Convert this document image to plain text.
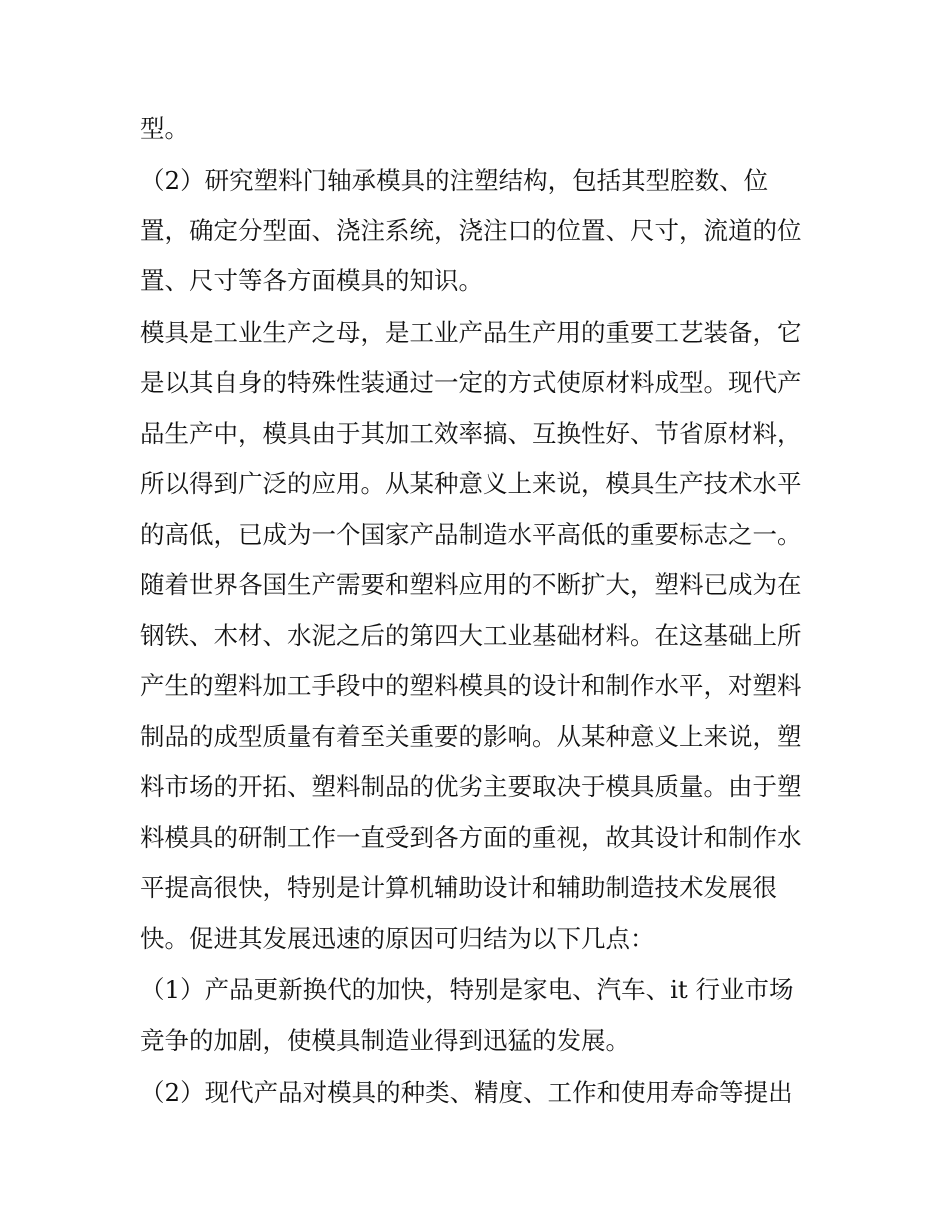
型。
（2）研究塑料门轴承模具的注塑结构，包括其型腔数、位
置，确定分型面、浇注系统，浇注口的位置、尺寸，流道的位
置、尺寸等各方面模具的知识。
模具是工业生产之母，是工业产品生产用的重要工艺装备，它
是以其自身的特殊性装通过一定的方式使原材料成型。现代产
品生产中，模具由于其加工效率搞、互换性好、节省原材料，
所以得到广泛的应用。从某种意义上来说，模具生产技术水平
的高低，已成为一个国家产品制造水平高低的重要标志之一。
随着世界各国生产需要和塑料应用的不断扩大，塑料已成为在
钢铁、木材、水泥之后的第四大工业基础材料。在这基础上所
产生的塑料加工手段中的塑料模具的设计和制作水平，对塑料
制品的成型质量有着至关重要的影响。从某种意义上来说，塑
料市场的开拓、塑料制品的优劣主要取决于模具质量。由于塑
料模具的研制工作一直受到各方面的重视，故其设计和制作水
平提高很快，特别是计算机辅助设计和辅助制造技术发展很
快。促进其发展迅速的原因可归结为以下几点：
（1）产品更新换代的加快，特别是家电、汽车、it 行业市场
竞争的加剧，使模具制造业得到迅猛的发展。
（2）现代产品对模具的种类、精度、工作和使用寿命等提出
